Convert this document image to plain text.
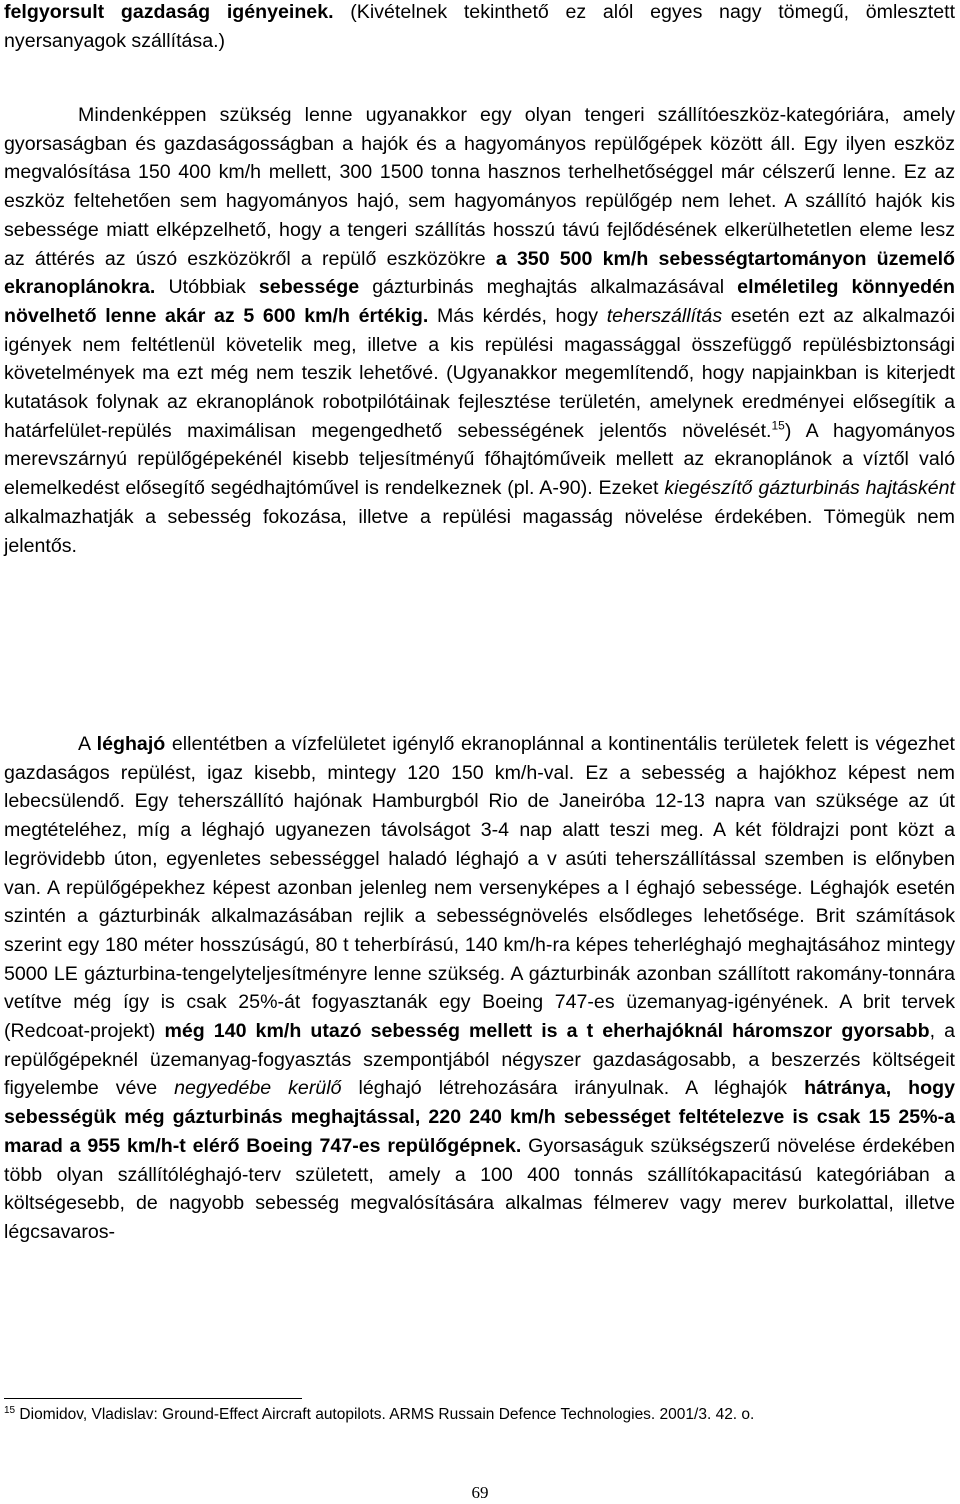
felgyorsult gazdaság igényeinek. (Kivételnek tekinthető ez alól egyes nagy tömegű, ömlesztett nyersanyagok szállítása.)

Mindenképpen szükség lenne ugyanakkor egy olyan tengeri szállítóeszköz-kategóriára, amely gyorsaságban és gazdaságosságban a hajók és a hagyományos repülőgépek között áll. Egy ilyen eszköz megvalósítása 150 400 km/h mellett, 300 1500 tonna hasznos terhelhetőséggel már célszerű lenne. Ez az eszköz feltehetően sem hagyományos hajó, sem hagyományos repülőgép nem lehet. A szállító hajók kis sebessége miatt elképzelhető, hogy a tengeri szállítás hosszú távú fejlődésének elkerülhetetlen eleme lesz az áttérés az úszó eszközökről a repülő eszközökre a 350 500 km/h sebességtartományon üzemelő ekranoplánokra. Utóbbiak sebessége gázturbinás meghajtás alkalmazásával elméletileg könnyedén növelhető lenne akár az 5 600 km/h értékig. Más kérdés, hogy teherszállítás esetén ezt az alkalmazói igények nem feltétlenül követelik meg, illetve a kis repülési magassággal összefüggő repülésbiztonsági követelmények ma ezt még nem teszik lehetővé. (Ugyanakkor megemlítendő, hogy napjainkban is kiterjedt kutatások folynak az ekranoplánok robotpilótáinak fejlesztése területén, amelynek eredményei elősegítik a határfelület-repülés maximálisan megengedhető sebességének jelentős növelését.$^{15}$) A hagyományos merevszárnyú repülőgépekénél kisebb teljesítményű főhajtóműveik mellett az ekranoplánok a víztől való elemelkedést elősegítő segédhajtóművel is rendelkeznek (pl. A-90). Ezeket kiegészítő gázturbinás hajtásként alkalmazhatják a sebesség fokozása, illetve a repülési magasság növelése érdekében. Tömegük nem jelentős.

A léghajó ellentétben a vízfelületet igénylő ekranoplánnal a kontinentális területek felett is végezhet gazdaságos repülést, igaz kisebb, mintegy 120 150 km/h-val. Ez a sebesség a hajókhoz képest nem lebecsülendő. Egy teherszállító hajónak Hamburgból Rio de Janeiróba 12-13 napra van szüksége az út megtételéhez, míg a léghajó ugyanezen távolságot 3-4 nap alatt teszi meg. A két földrajzi pont közt a legrövidebb úton, egyenletes sebességgel haladó léghajó a v asúti teherszállítással szemben is előnyben van. A repülőgépekhez képest azonban jelenleg nem versenyképes a l éghajó sebessége. Léghajók esetén szintén a gázturbinák alkalmazásában rejlik a sebességnövelés elsődleges lehetősége. Brit számítások szerint egy 180 méter hosszúságú, 80 t teherbírású, 140 km/h-ra képes teherléghajó meghajtásához mintegy 5000 LE gázturbina-tengelyteljesítményre lenne szükség. A gázturbinák azonban szállított rakomány-tonnára vetítve még így is csak 25%-át fogyasztanák egy Boeing 747-es üzemanyag-igényének. A brit tervek (Redcoat-projekt) még 140 km/h utazó sebesség mellett is a t eherhajóknál háromszor gyorsabb, a repülőgépeknél üzemanyag-fogyasztás szempontjából négyszer gazdaságosabb, a beszerzés költségeit figyelembe véve negyedébe kerülő léghajó létrehozására irányulnak. A léghajók hátránya, hogy sebességük még gázturbinás meghajtással, 220 240 km/h sebességet feltételezve is csak 15 25%-a marad a 955 km/h-t elérő Boeing 747-es repülőgépnek. Gyorsaságuk szükségszerű növelése érdekében több olyan szállítóléghajó-terv született, amely a 100 400 tonnás szállítókapacitású kategóriában a költségesebb, de nagyobb sebesség megvalósítására alkalmas félmerev vagy merev burkolattal, illetve légcsavaros-

$^{15}$ Diomidov, Vladislav: Ground-Effect Aircraft autopilots. ARMS Russain Defence Technologies. 2001/3. 42. o.

69
